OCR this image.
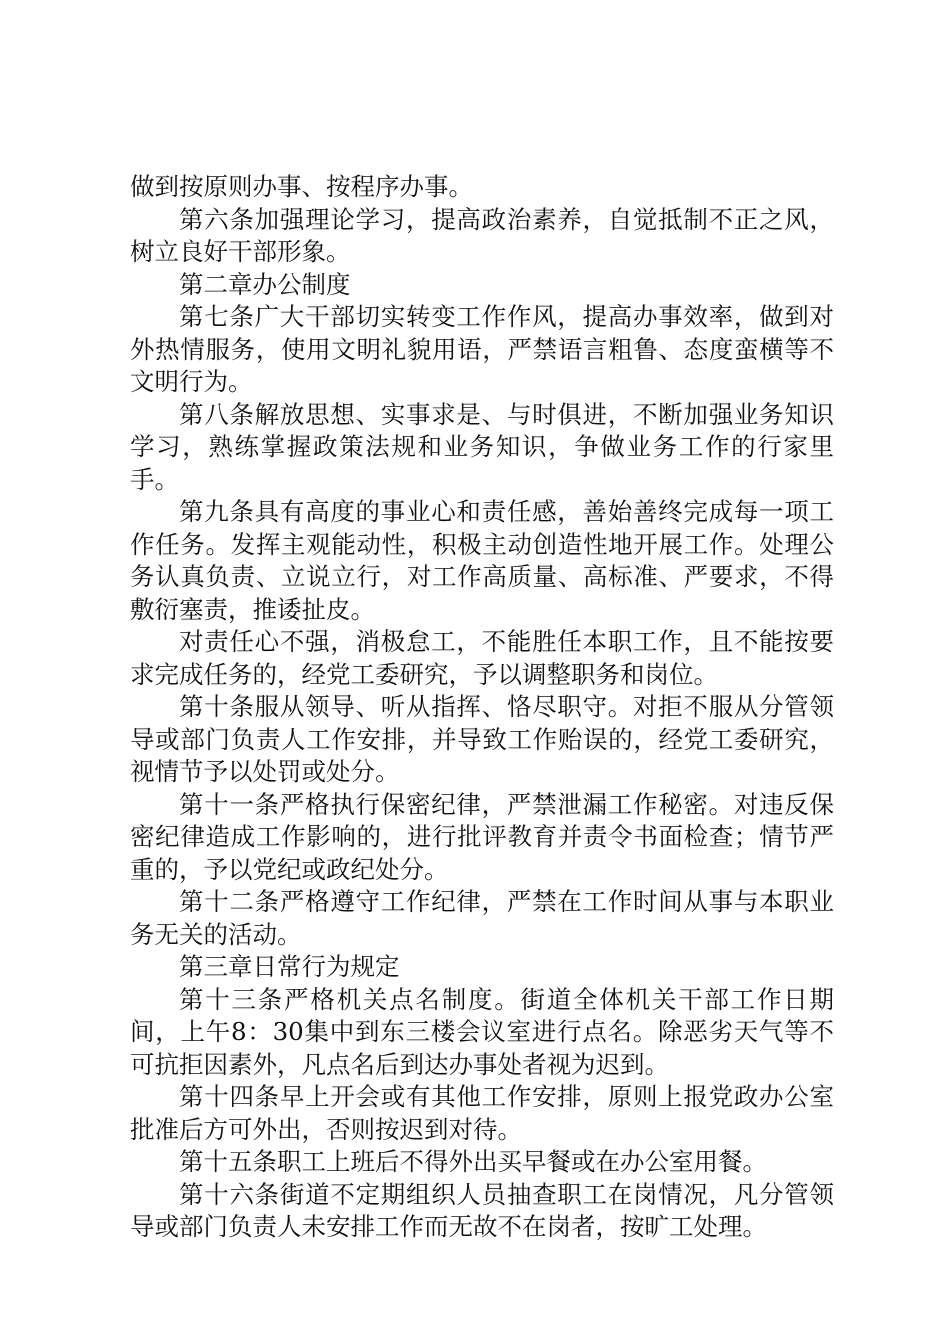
做到按原则办事、按程序办事。

第六条加强理论学习，提高政治素养，自觉抵制不正之风，树立良好干部形象。

第二章办公制度

第七条广大干部切实转变工作作风，提高办事效率，做到对外热情服务，使用文明礼貌用语，严禁语言粗鲁、态度蛮横等不文明行为。

第八条解放思想、实事求是、与时俱进，不断加强业务知识学习，熟练掌握政策法规和业务知识，争做业务工作的行家里手。

第九条具有高度的事业心和责任感，善始善终完成每一项工作任务。发挥主观能动性，积极主动创造性地开展工作。处理公务认真负责、立说立行，对工作高质量、高标准、严要求，不得敷衍塞责，推诿扯皮。

对责任心不强，消极怠工，不能胜任本职工作，且不能按要求完成任务的，经党工委研究，予以调整职务和岗位。

第十条服从领导、听从指挥、恪尽职守。对拒不服从分管领导或部门负责人工作安排，并导致工作贻误的，经党工委研究，视情节予以处罚或处分。

第十一条严格执行保密纪律，严禁泄漏工作秘密。对违反保密纪律造成工作影响的，进行批评教育并责令书面检查；情节严重的，予以党纪或政纪处分。

第十二条严格遵守工作纪律，严禁在工作时间从事与本职业务无关的活动。

第三章日常行为规定

第十三条严格机关点名制度。街道全体机关干部工作日期间，上午8：30集中到东三楼会议室进行点名。除恶劣天气等不可抗拒因素外，凡点名后到达办事处者视为迟到。

第十四条早上开会或有其他工作安排，原则上报党政办公室批准后方可外出，否则按迟到对待。

第十五条职工上班后不得外出买早餐或在办公室用餐。

第十六条街道不定期组织人员抽查职工在岗情况，凡分管领导或部门负责人未安排工作而无故不在岗者，按旷工处理。
